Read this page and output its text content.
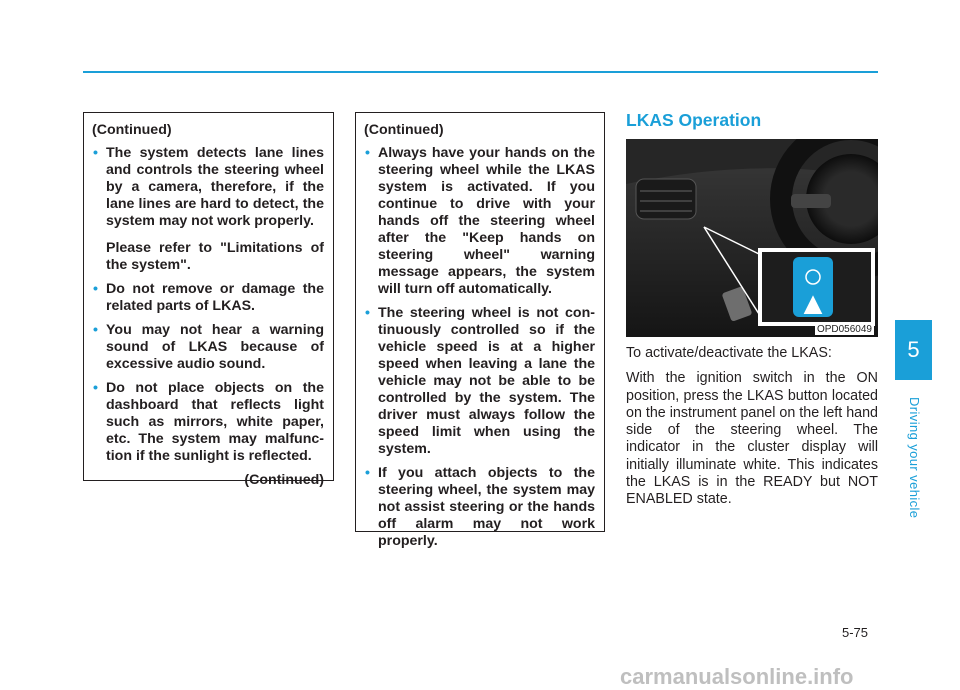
(Continued)

• The system detects lane lines and controls the steering wheel by a camera, therefore, if the lane lines are hard to detect, the system may not work properly.

Please refer to "Limitations of the system".

• Do not remove or damage the related parts of LKAS.
• You may not hear a warning sound of LKAS because of excessive audio sound.
• Do not place objects on the dashboard that reflects light such as mirrors, white paper, etc. The system may malfunc-tion if the sunlight is reflected.

(Continued)

(Continued)

• Always have your hands on the steering wheel while the LKAS system is activated. If you continue to drive with your hands off the steering wheel after the "Keep hands on steering wheel" warning message appears, the system will turn off automatically.
• The steering wheel is not con-tinuously controlled so if the vehicle speed is at a higher speed when leaving a lane the vehicle may not be able to be controlled by the system. The driver must always follow the speed limit when using the system.
• If you attach objects to the steering wheel, the system may not assist steering or the hands off alarm may not work properly.
LKAS Operation
OPD056049

To activate/deactivate the LKAS:

With the ignition switch in the ON position, press the LKAS button located on the instrument panel on the left hand side of the steering wheel. The indicator in the cluster display will initially illuminate white. This indicates the LKAS is in the READY but NOT ENABLED state.

5
Driving your vehicle
5-75
carmanualsonline.info
